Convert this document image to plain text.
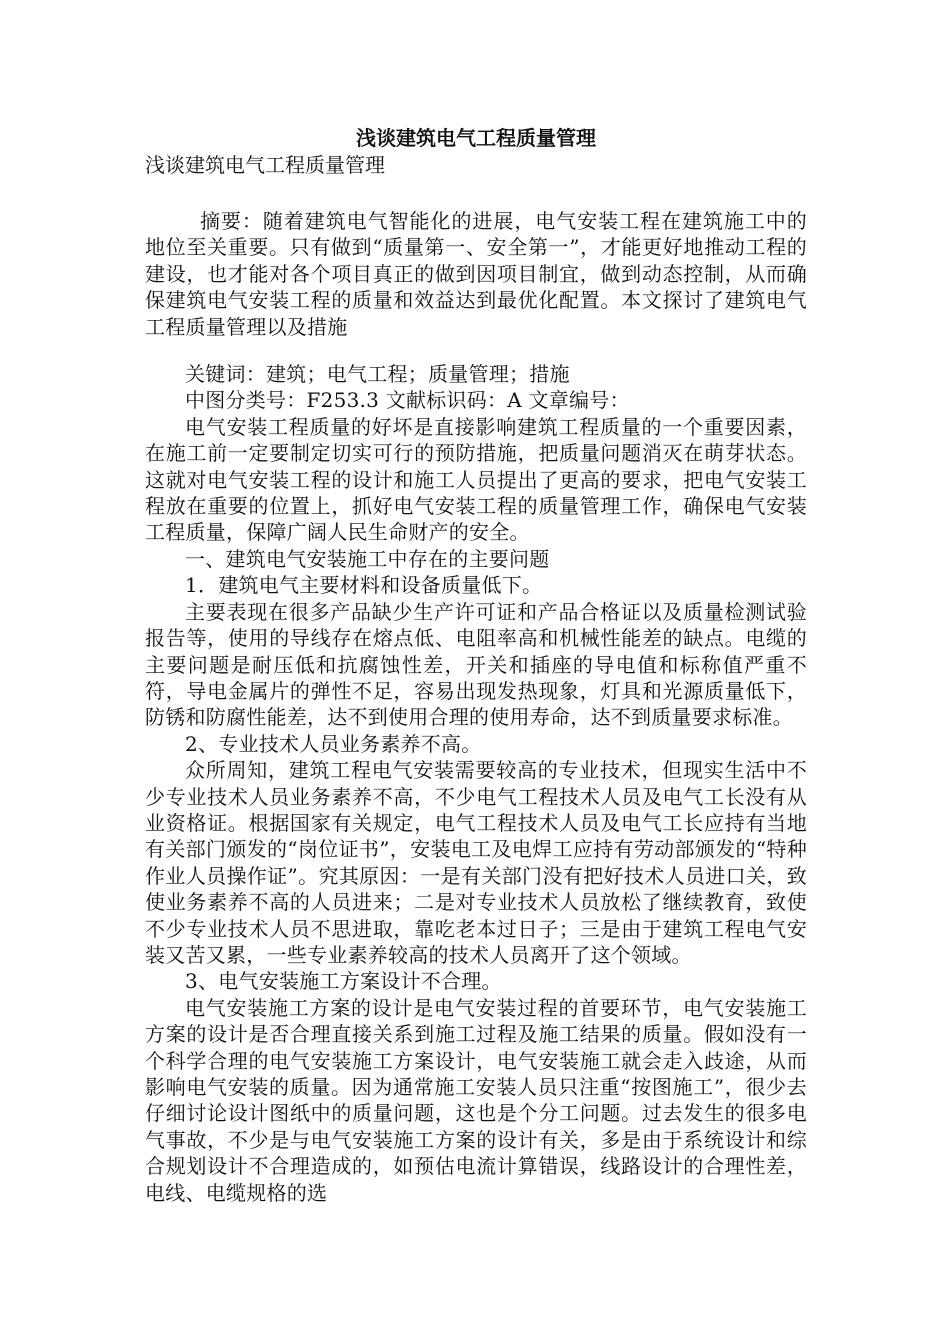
浅谈建筑电气工程质量管理

浅谈建筑电气工程质量管理

摘要：随着建筑电气智能化的进展，电气安装工程在建筑施工中的地位至关重要。只有做到“质量第一、安全第一”，才能更好地推动工程的建设，也才能对各个项目真正的做到因项目制宜，做到动态控制，从而确保建筑电气安装工程的质量和效益达到最优化配置。本文探讨了建筑电气工程质量管理以及措施

关键词：建筑；电气工程；质量管理；措施

中图分类号：F253.3 文献标识码：A 文章编号：

电气安装工程质量的好坏是直接影响建筑工程质量的一个重要因素，在施工前一定要制定切实可行的预防措施，把质量问题消灭在萌芽状态。这就对电气安装工程的设计和施工人员提出了更高的要求，把电气安装工程放在重要的位置上，抓好电气安装工程的质量管理工作，确保电气安装工程质量，保障广阔人民生命财产的安全。

一、建筑电气安装施工中存在的主要问题

1．建筑电气主要材料和设备质量低下。

主要表现在很多产品缺少生产许可证和产品合格证以及质量检测试验报告等，使用的导线存在熔点低、电阻率高和机械性能差的缺点。电缆的主要问题是耐压低和抗腐蚀性差，开关和插座的导电值和标称值严重不符，导电金属片的弹性不足，容易出现发热现象，灯具和光源质量低下，防锈和防腐性能差，达不到使用合理的使用寿命，达不到质量要求标准。

2、专业技术人员业务素养不高。

众所周知，建筑工程电气安装需要较高的专业技术，但现实生活中不少专业技术人员业务素养不高，不少电气工程技术人员及电气工长没有从业资格证。根据国家有关规定，电气工程技术人员及电气工长应持有当地有关部门颁发的“岗位证书”，安装电工及电焊工应持有劳动部颁发的“特种作业人员操作证”。究其原因：一是有关部门没有把好技术人员进口关，致使业务素养不高的人员进来；二是对专业技术人员放松了继续教育，致使不少专业技术人员不思进取，靠吃老本过日子；三是由于建筑工程电气安装又苦又累，一些专业素养较高的技术人员离开了这个领域。

3、电气安装施工方案设计不合理。

电气安装施工方案的设计是电气安装过程的首要环节，电气安装施工方案的设计是否合理直接关系到施工过程及施工结果的质量。假如没有一个科学合理的电气安装施工方案设计，电气安装施工就会走入歧途，从而影响电气安装的质量。因为通常施工安装人员只注重“按图施工”，很少去仔细讨论设计图纸中的质量问题，这也是个分工问题。过去发生的很多电气事故，不少是与电气安装施工方案的设计有关，多是由于系统设计和综合规划设计不合理造成的，如预估电流计算错误，线路设计的合理性差，电线、电缆规格的选
